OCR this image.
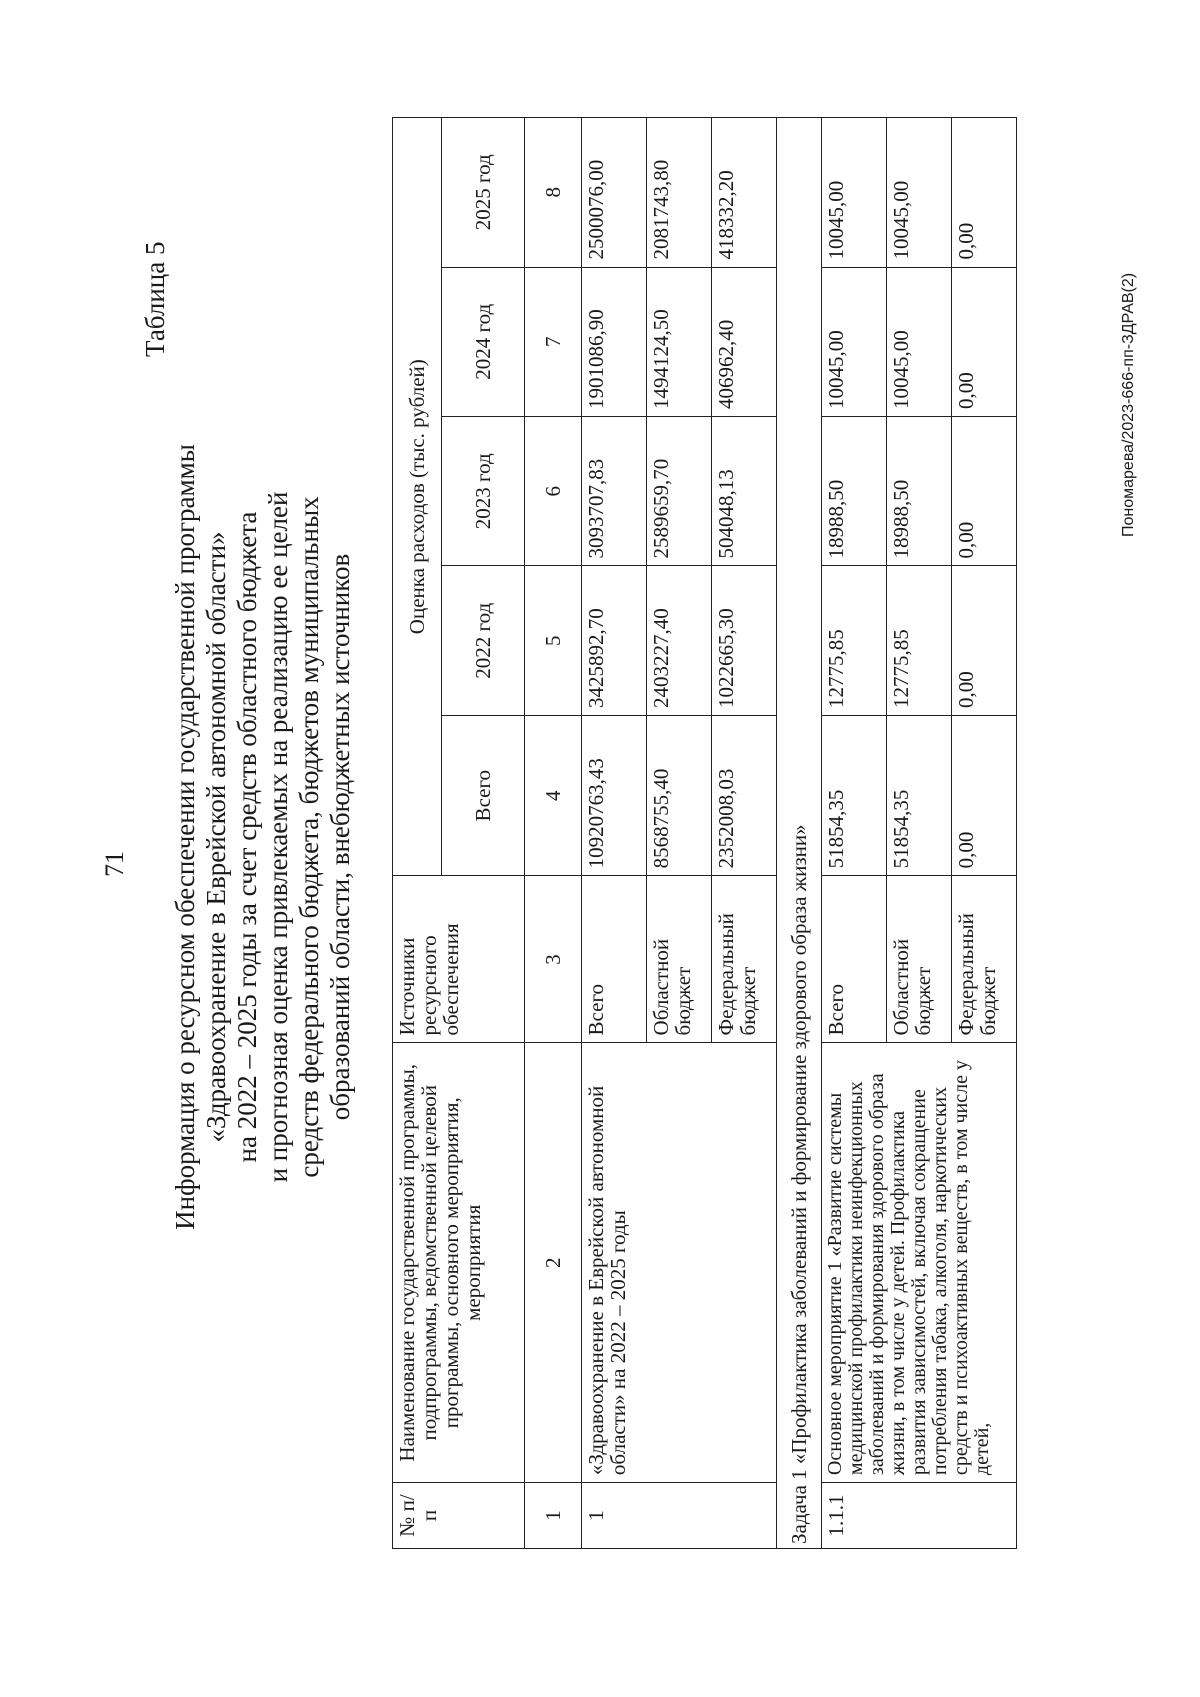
71
Таблица 5
Информация о ресурсном обеспечении государственной программы «Здравоохранение в Еврейской автономной области» на 2022 – 2025 годы за счет средств областного бюджета и прогнозная оценка привлекаемых на реализацию ее целей средств федерального бюджета, бюджетов муниципальных образований области, внебюджетных источников
№ п/п	Наименование государственной программы, подпрограммы, ведомственной целевой программы, основного мероприятия, мероприятия	Источники ресурсного обеспечения	Оценка расходов (тыс. рублей)				
			Всего	2022 год	2023 год	2024 год	2025 год
1	2	3	4	5	6	7	8
1	«Здравоохранение в Еврейской автономной области» на 2022 – 2025 годы	Всего	10920763,43	3425892,70	3093707,83	1901086,90	2500076,00
		Областной бюджет	8568755,40	2403227,40	2589659,70	1494124,50	2081743,80
		Федеральный бюджет	2352008,03	1022665,30	504048,13	406962,40	418332,20
Задача 1 «Профилактика заболеваний и формирование здорового образа жизни»							
1.1.1	Основное мероприятие 1 «Развитие системы медицинской профилактики неинфекционных заболеваний и формирования здорового образа жизни, в том числе у детей. Профилактика развития зависимостей, включая сокращение потребления табака, алкоголя, наркотических средств и психоактивных веществ, в том числе у детей,	Всего	51854,35	12775,85	18988,50	10045,00	10045,00
		Областной бюджет	51854,35	12775,85	18988,50	10045,00	10045,00
		Федеральный бюджет	0,00	0,00	0,00	0,00	0,00
Пономарева/2023-666-пп-ЗДРАВ(2)
